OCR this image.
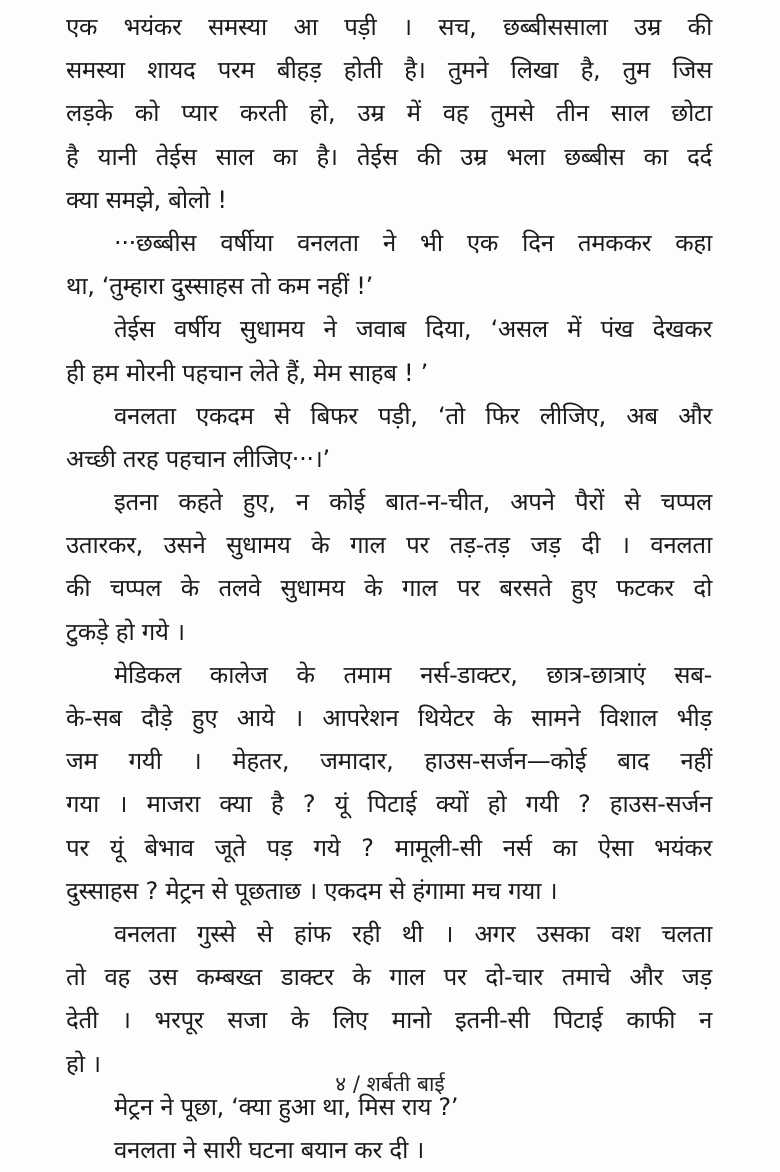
एक भयंकर समस्या आ पड़ी । सच, छब्बीससाला उम्र की
समस्या शायद परम बीहड़ होती है। तुमने लिखा है, तुम जिस
लड़के को प्यार करती हो, उम्र में वह तुमसे तीन साल छोटा
है यानी तेईस साल का है। तेईस की उम्र भला छब्बीस का दर्द
क्या समझे, बोलो !
···छब्बीस वर्षीया वनलता ने भी एक दिन तमककर कहा
था, ‘तुम्हारा दुस्साहस तो कम नहीं !’
तेईस वर्षीय सुधामय ने जवाब दिया, ‘असल में पंख देखकर
ही हम मोरनी पहचान लेते हैं, मेम साहब ! ’
वनलता एकदम से बिफर पड़ी, ‘तो फिर लीजिए, अब और
अच्छी तरह पहचान लीजिए···।’
इतना कहते हुए, न कोई बात-न-चीत, अपने पैरों से चप्पल
उतारकर, उसने सुधामय के गाल पर तड़-तड़ जड़ दी । वनलता
की चप्पल के तलवे सुधामय के गाल पर बरसते हुए फटकर दो
टुकड़े हो गये ।
मेडिकल कालेज के तमाम नर्स-डाक्टर, छात्र-छात्राएं सब-
के-सब दौड़े हुए आये । आपरेशन थियेटर के सामने विशाल भीड़
जम गयी । मेहतर, जमादार, हाउस-सर्जन—कोई बाद नहीं
गया । माजरा क्या है ? यूं पिटाई क्यों हो गयी ? हाउस-सर्जन
पर यूं बेभाव जूते पड़ गये ? मामूली-सी नर्स का ऐसा भयंकर
दुस्साहस ? मेट्रन से पूछताछ । एकदम से हंगामा मच गया ।
वनलता गुस्से से हांफ रही थी । अगर उसका वश चलता
तो वह उस कम्बख्त डाक्टर के गाल पर दो-चार तमाचे और जड़
देती । भरपूर सजा के लिए मानो इतनी-सी पिटाई काफी न
हो ।
मेट्रन ने पूछा, ‘क्या हुआ था, मिस राय ?’
वनलता ने सारी घटना बयान कर दी ।
४ / शर्बती बाई
